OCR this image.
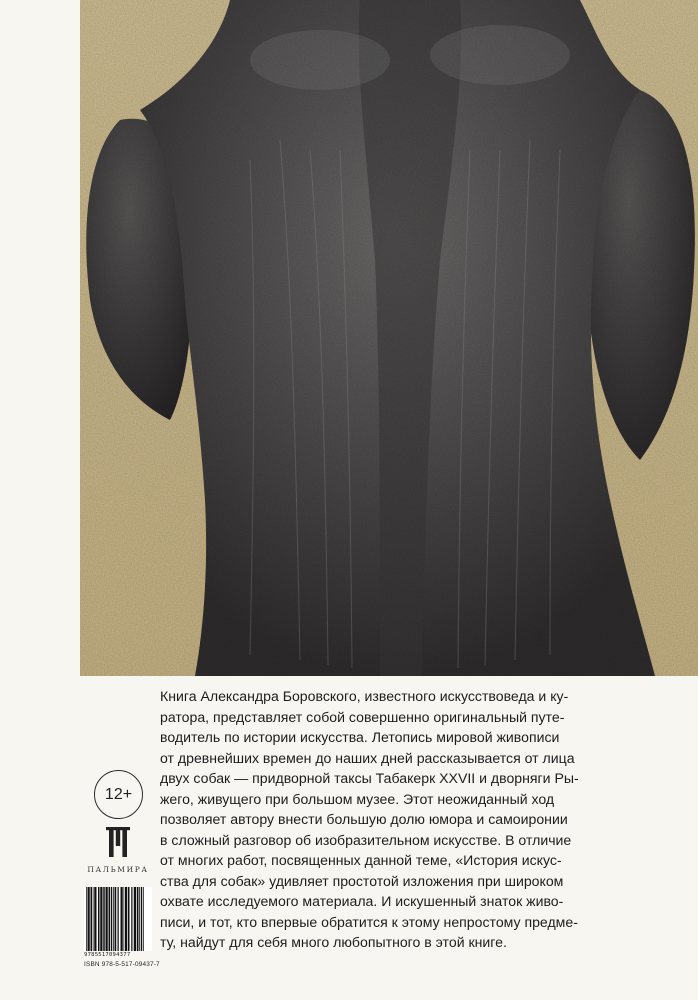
Книга Александра Боровского, известного искусствоведа и ку-
ратора, представляет собой совершенно оригинальный путе-
водитель по истории искусства. Летопись мировой живописи
от древнейших времен до наших дней рассказывается от лица
двух собак — придворной таксы Табакерк XXVII и дворняги Ры-
жего, живущего при большом музее. Этот неожиданный ход
позволяет автору внести большую долю юмора и самоиронии
в сложный разговор об изобразительном искусстве. В отличие
от многих работ, посвященных данной теме, «История искус-
ства для собак» удивляет простотой изложения при широком
охвате исследуемого материала. И искушенный знаток живо-
писи, и тот, кто впервые обратится к этому непростому предме-
ту, найдут для себя много любопытного в этой книге.

12+
ПАЛЬМИРА
9785517094377
ISBN 978-5-517-09437-7
